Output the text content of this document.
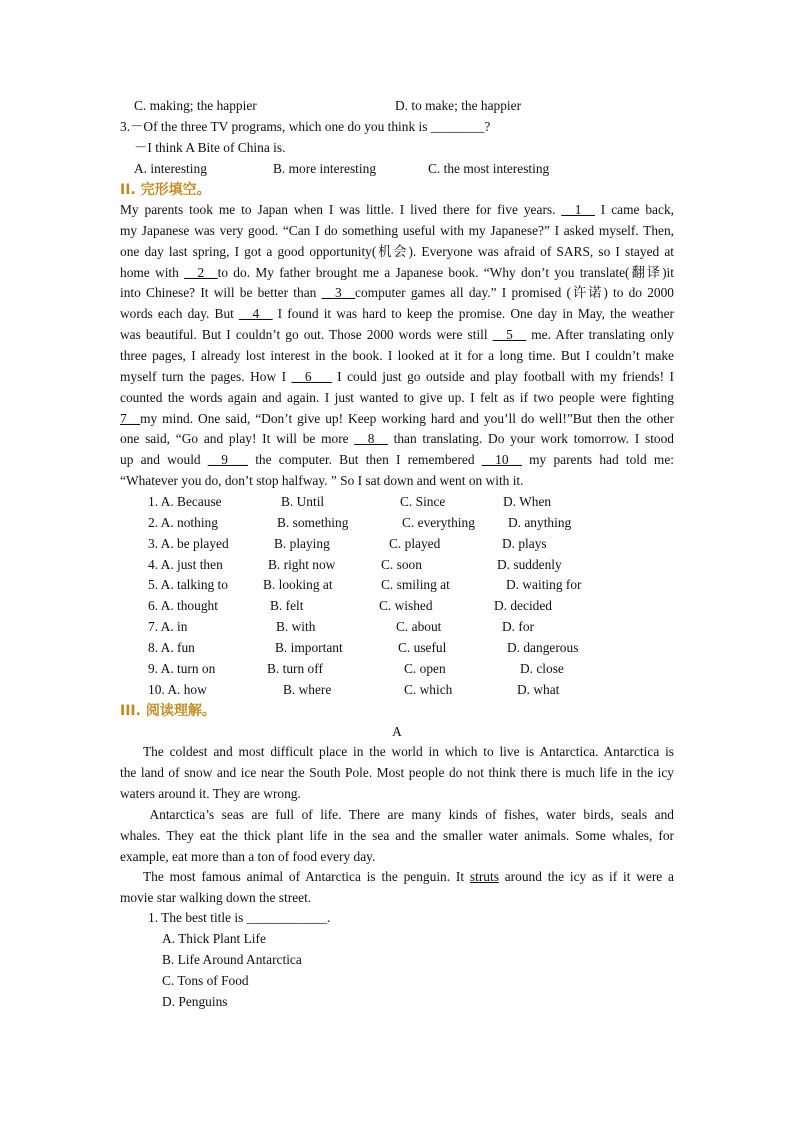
C. making; the happier	D. to make; the happier
3.－Of the three TV programs, which one do you think is ________?
－I think A Bite of China is.
A. interesting	B. more interesting	C. the most interesting
II. 完形填空。
My parents took me to Japan when I was little. I lived there for five years. __1__ I came back,
my Japanese was very good. “Can I do something useful with my Japanese?” I asked myself. Then,
one day last spring, I got a good opportunity(机会). Everyone was afraid of SARS, so I stayed at
home with __2__to do. My father brought me a Japanese book. “Why don’t you translate(翻译)it
into Chinese? It will be better than __3__computer games all day.” I promised (许诺) to do 2000
words each day. But __4__ I found it was hard to keep the promise. One day in May, the weather
was beautiful. But I couldn’t go out. Those 2000 words were still __5__ me. After translating only
three pages, I already lost interest in the book. I looked at it for a long time. But I couldn’t make
myself turn the pages. How I __6___ I could just go outside and play football with my friends! I
counted the words again and again. I just wanted to give up. I felt as if two people were fighting
7__my mind. One said, “Don’t give up! Keep working hard and you’ll do well!”But then the other
one said, “Go and play! It will be more __8__ than translating. Do your work tomorrow. I stood
up and would __9___ the computer. But then I remembered __10__ my parents had told me:
“Whatever you do, don’t stop halfway. ” So I sat down and went on with it.
1. A. Because	B. Until	C. Since	D. When
2. A. nothing	B. something	C. everything D. anything
3. A. be played	B. playing	C. played	D. plays
4. A. just then	B. right now	C. soon	D. suddenly
5. A. talking to	B. looking at	C. smiling at	D. waiting for
6. A. thought	B. felt	C. wished	D. decided
7. A. in	B. with	C. about	D. for
8. A. fun	B. important	C. useful	D. dangerous
9. A. turn on	B. turn off	C. open	D. close
10. A. how	B. where	C. which	D. what
III. 阅读理解。
A
The coldest and most difficult place in the world in which to live is Antarctica. Antarctica is
the land of snow and ice near the South Pole. Most people do not think there is much life in the icy
waters around it. They are wrong.
Antarctica’s seas are full of life. There are many kinds of fishes, water birds, seals and
whales. They eat the thick plant life in the sea and the smaller water animals. Some whales, for
example, eat more than a ton of food every day.
The most famous animal of Antarctica is the penguin. It struts around the icy as if it were a
movie star walking down the street.
1. The best title is ____________.
A. Thick Plant Life
B. Life Around Antarctica
C. Tons of Food
D. Penguins
